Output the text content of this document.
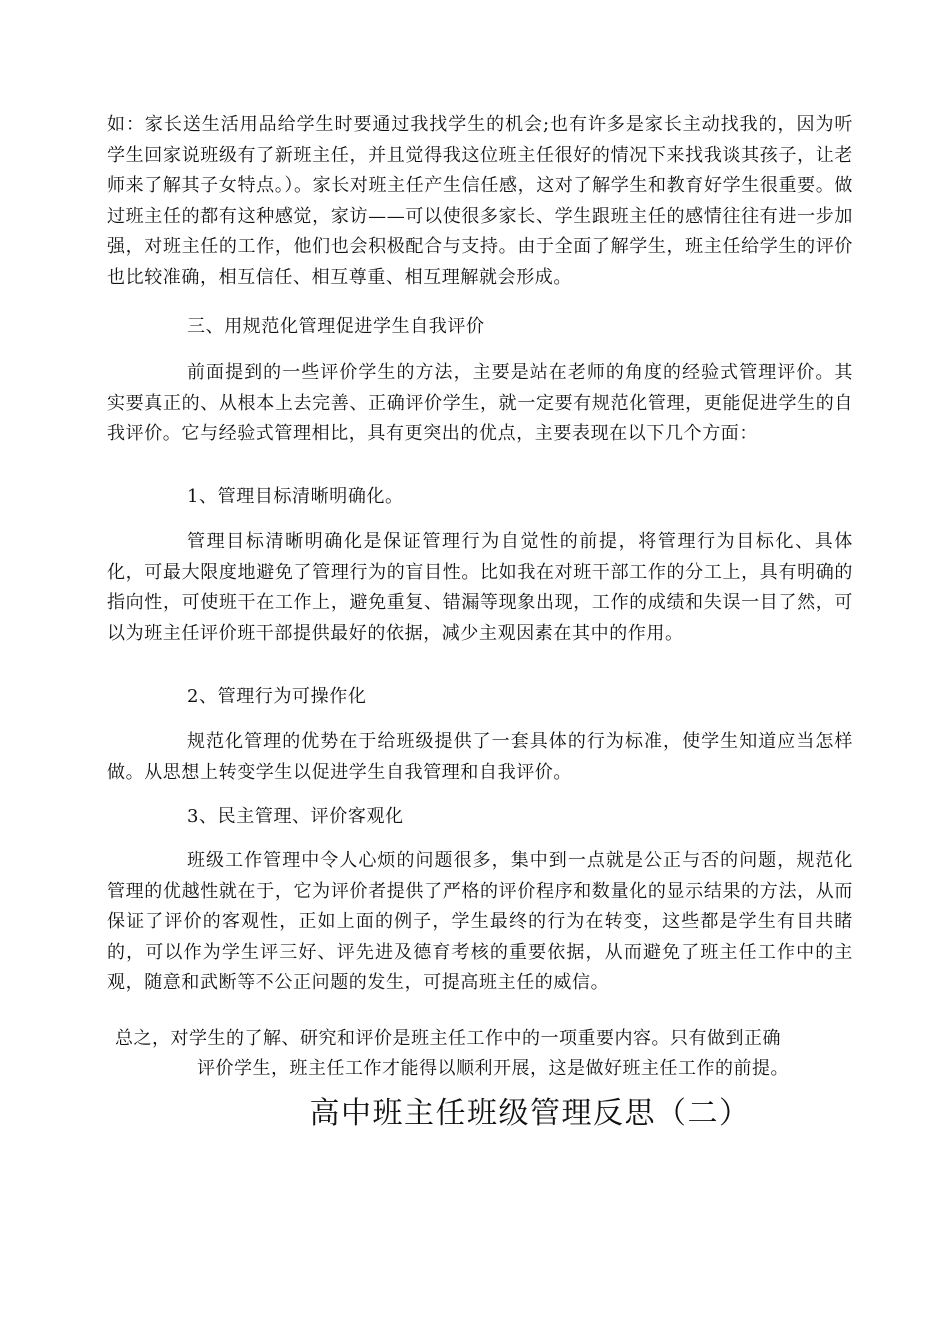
如：家长送生活用品给学生时要通过我找学生的机会;也有许多是家长主动找我的，因为听学生回家说班级有了新班主任，并且觉得我这位班主任很好的情况下来找我谈其孩子，让老师来了解其子女特点。）。家长对班主任产生信任感，这对了解学生和教育好学生很重要。做过班主任的都有这种感觉，家访——可以使很多家长、学生跟班主任的感情往往有进一步加强，对班主任的工作，他们也会积极配合与支持。由于全面了解学生，班主任给学生的评价也比较准确，相互信任、相互尊重、相互理解就会形成。

三、用规范化管理促进学生自我评价

前面提到的一些评价学生的方法，主要是站在老师的角度的经验式管理评价。其实要真正的、从根本上去完善、正确评价学生，就一定要有规范化管理，更能促进学生的自我评价。它与经验式管理相比，具有更突出的优点，主要表现在以下几个方面：

1、管理目标清晰明确化。

管理目标清晰明确化是保证管理行为自觉性的前提，将管理行为目标化、具体化，可最大限度地避免了管理行为的盲目性。比如我在对班干部工作的分工上，具有明确的指向性，可使班干在工作上，避免重复、错漏等现象出现，工作的成绩和失误一目了然，可以为班主任评价班干部提供最好的依据，减少主观因素在其中的作用。

2、管理行为可操作化

规范化管理的优势在于给班级提供了一套具体的行为标准，使学生知道应当怎样做。从思想上转变学生以促进学生自我管理和自我评价。

3、民主管理、评价客观化

班级工作管理中令人心烦的问题很多，集中到一点就是公正与否的问题，规范化管理的优越性就在于，它为评价者提供了严格的评价程序和数量化的显示结果的方法，从而保证了评价的客观性，正如上面的例子，学生最终的行为在转变，这些都是学生有目共睹的，可以作为学生评三好、评先进及德育考核的重要依据，从而避免了班主任工作中的主观，随意和武断等不公正问题的发生，可提高班主任的威信。

总之，对学生的了解、研究和评价是班主任工作中的一项重要内容。只有做到正确
评价学生，班主任工作才能得以顺利开展，这是做好班主任工作的前提。

高中班主任班级管理反思（二）
